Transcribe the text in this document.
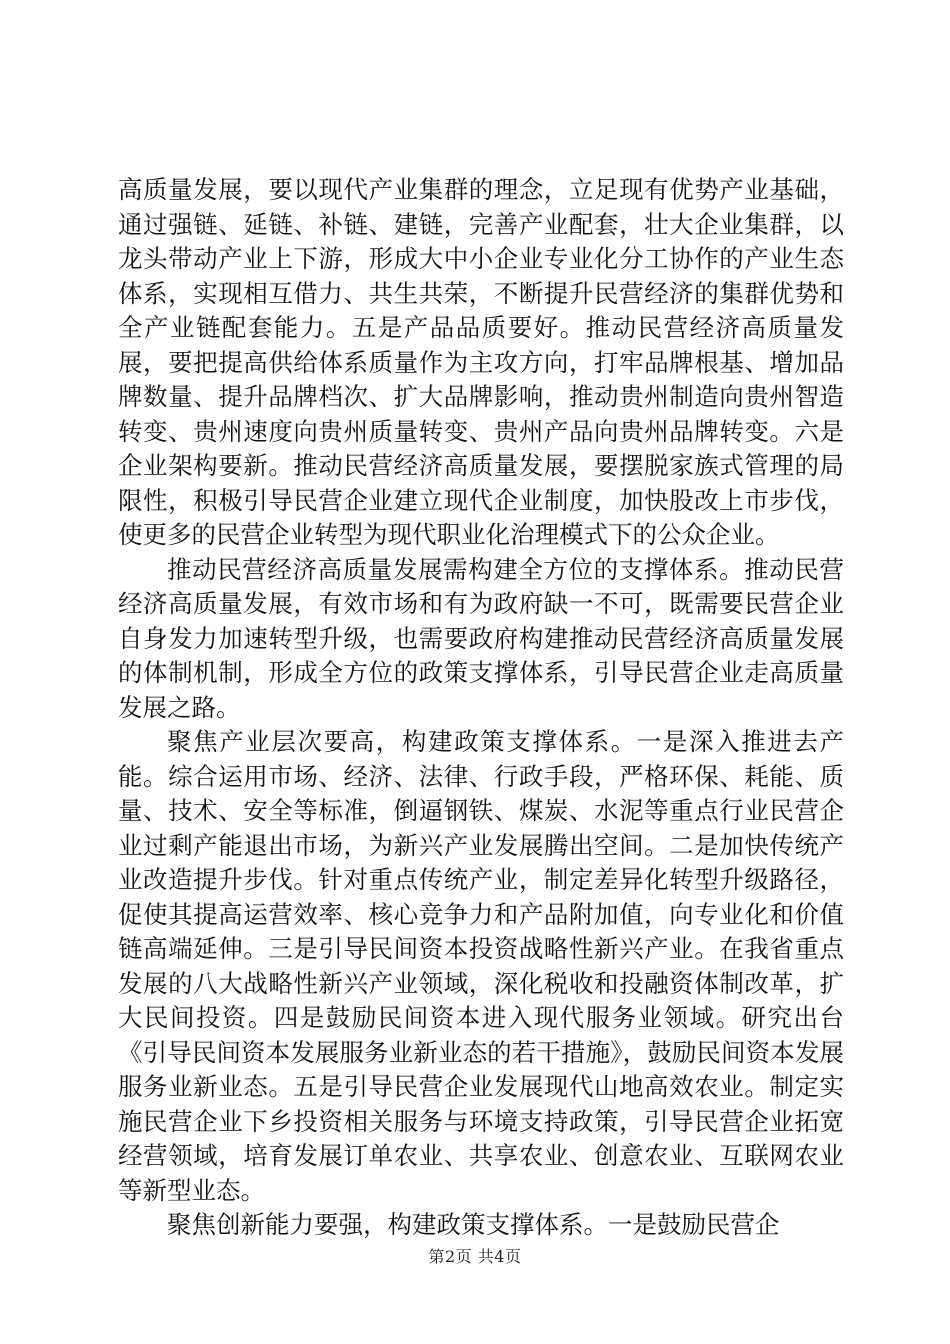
高质量发展，要以现代产业集群的理念，立足现有优势产业基础，通过强链、延链、补链、建链，完善产业配套，壮大企业集群，以龙头带动产业上下游，形成大中小企业专业化分工协作的产业生态体系，实现相互借力、共生共荣，不断提升民营经济的集群优势和全产业链配套能力。五是产品品质要好。推动民营经济高质量发展，要把提高供给体系质量作为主攻方向，打牢品牌根基、增加品牌数量、提升品牌档次、扩大品牌影响，推动贵州制造向贵州智造转变、贵州速度向贵州质量转变、贵州产品向贵州品牌转变。六是企业架构要新。推动民营经济高质量发展，要摆脱家族式管理的局限性，积极引导民营企业建立现代企业制度，加快股改上市步伐，使更多的民营企业转型为现代职业化治理模式下的公众企业。

推动民营经济高质量发展需构建全方位的支撑体系。推动民营经济高质量发展，有效市场和有为政府缺一不可，既需要民营企业自身发力加速转型升级，也需要政府构建推动民营经济高质量发展的体制机制，形成全方位的政策支撑体系，引导民营企业走高质量发展之路。

聚焦产业层次要高，构建政策支撑体系。一是深入推进去产能。综合运用市场、经济、法律、行政手段，严格环保、耗能、质量、技术、安全等标准，倒逼钢铁、煤炭、水泥等重点行业民营企业过剩产能退出市场，为新兴产业发展腾出空间。二是加快传统产业改造提升步伐。针对重点传统产业，制定差异化转型升级路径，促使其提高运营效率、核心竞争力和产品附加值，向专业化和价值链高端延伸。三是引导民间资本投资战略性新兴产业。在我省重点发展的八大战略性新兴产业领域，深化税收和投融资体制改革，扩大民间投资。四是鼓励民间资本进入现代服务业领域。研究出台《引导民间资本发展服务业新业态的若干措施》，鼓励民间资本发展服务业新业态。五是引导民营企业发展现代山地高效农业。制定实施民营企业下乡投资相关服务与环境支持政策，引导民营企业拓宽经营领域，培育发展订单农业、共享农业、创意农业、互联网农业等新型业态。

聚焦创新能力要强，构建政策支撑体系。一是鼓励民营企

第2页 共4页
